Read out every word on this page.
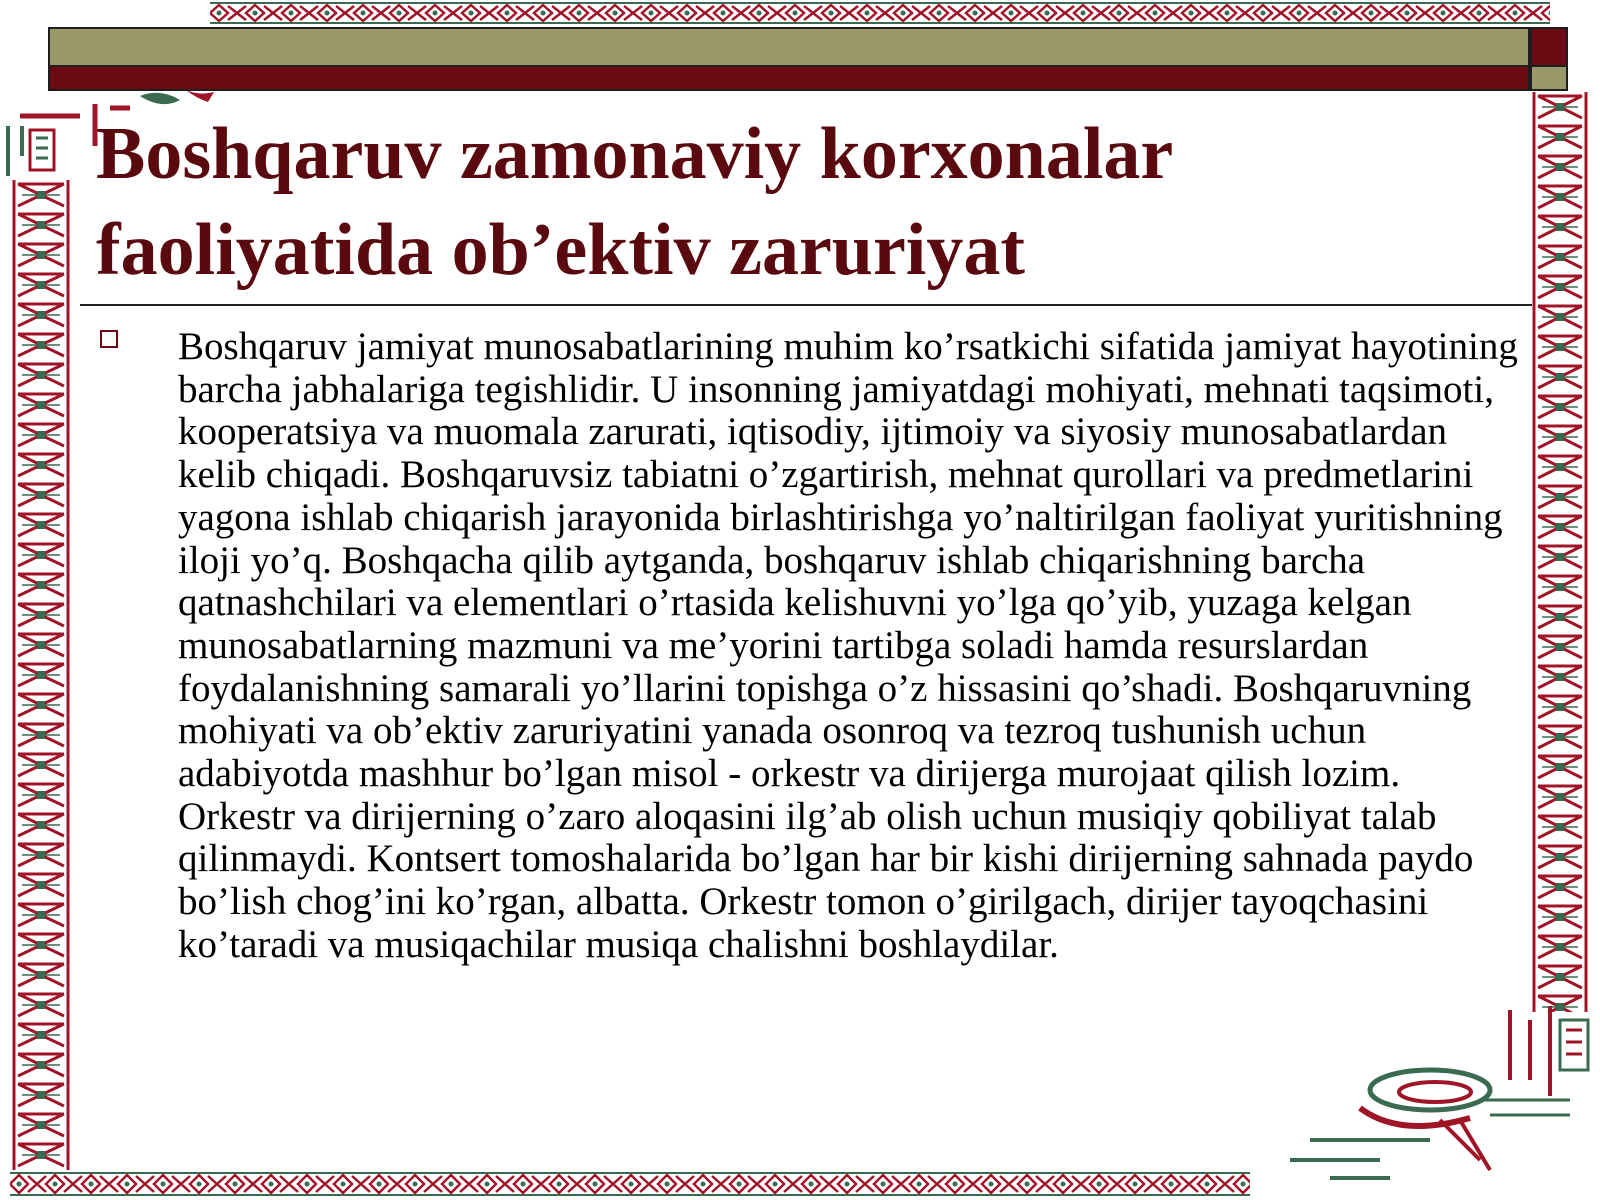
Boshqaruv zamonaviy korxonalar faoliyatida ob’ektiv zaruriyat

Boshqaruv jamiyat munosabatlarining muhim ko’rsatkichi sifatida jamiyat hayotining barcha jabhalariga tegishlidir. U insonning jamiyatdagi mohiyati, mehnati taqsimoti, kooperatsiya va muomala zarurati, iqtisodiy, ijtimoiy va siyosiy munosabatlardan kelib chiqadi. Boshqaruvsiz tabiatni o’zgartirish, mehnat qurollari va predmetlarini yagona ishlab chiqarish jarayonida birlashtirishga yo’naltirilgan faoliyat yuritishning iloji yo’q. Boshqacha qilib aytganda, boshqaruv ishlab chiqarishning barcha qatnashchilari va elementlari o’rtasida kelishuvni yo’lga qo’yib, yuzaga kelgan munosabatlarning mazmuni va me’yorini tartibga soladi hamda resurslardan foydalanishning samarali yo’llarini topishga o’z hissasini qo’shadi. Boshqaruvning mohiyati va ob’ektiv zaruriyatini yanada osonroq va tezroq tushunish uchun adabiyotda mashhur bo’lgan misol - orkestr va dirijerga murojaat qilish lozim. Orkestr va dirijerning o’zaro aloqasini ilg’ab olish uchun musiqiy qobiliyat talab qilinmaydi. Kontsert tomoshalarida bo’lgan har bir kishi dirijerning sahnada paydo bo’lish chog’ini ko’rgan, albatta. Orkestr tomon o’girilgach, dirijer tayoqchasini ko’taradi va musiqachilar musiqa chalishni boshlaydilar.
